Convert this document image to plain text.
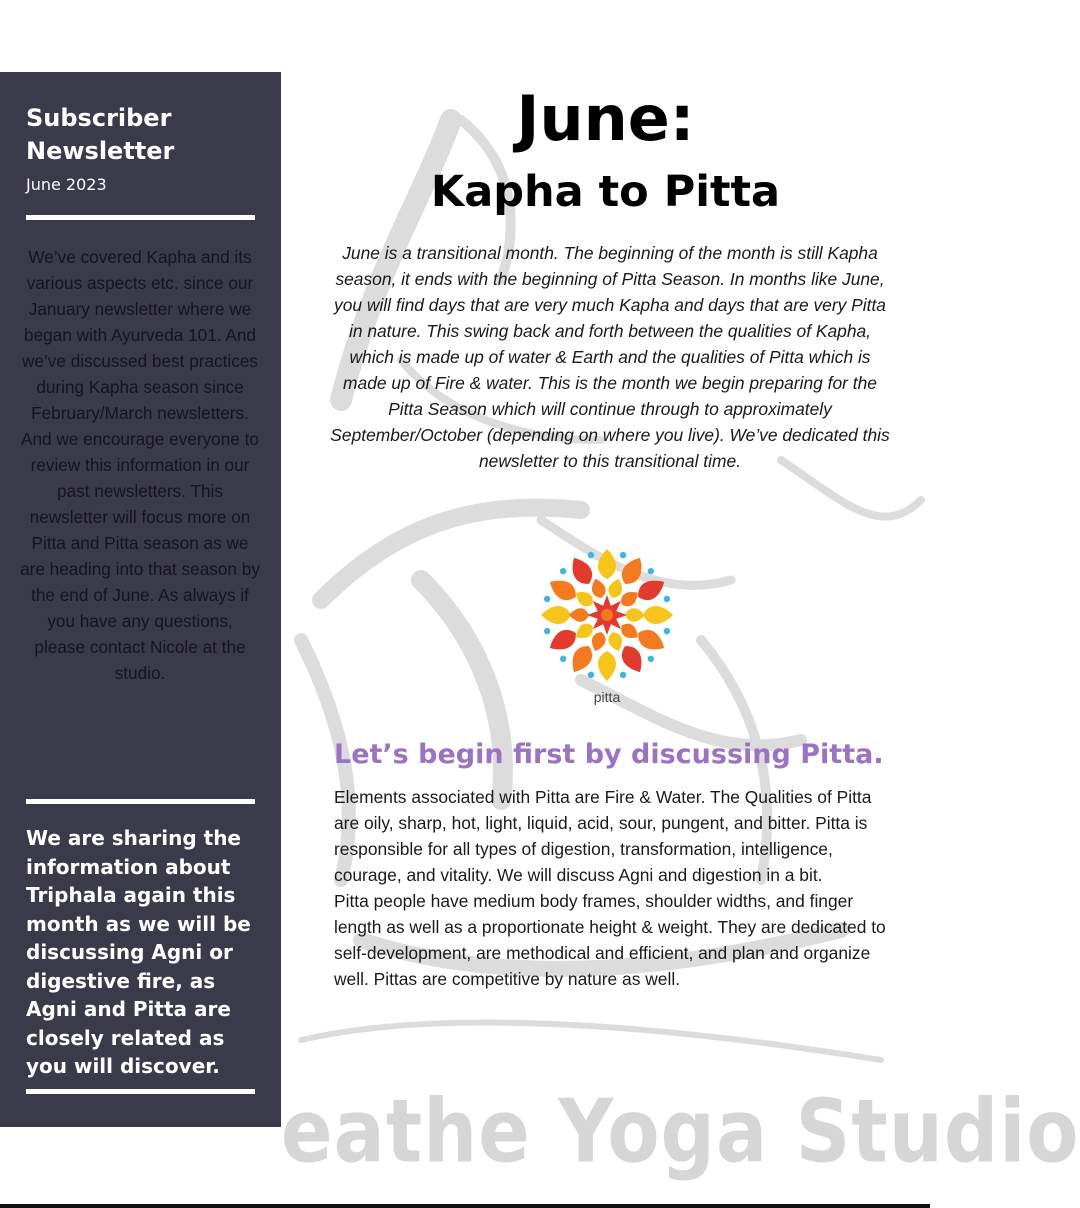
eathe Yoga Studio
Subscriber
Newsletter
June 2023

We’ve covered Kapha and its various aspects etc. since our January newsletter where we began with Ayurveda 101. And we’ve discussed best practices during Kapha season since February/March newsletters. And we encourage everyone to review this information in our past newsletters. This newsletter will focus more on Pitta and Pitta season as we are heading into that season by the end of June. As always if you have any questions, please contact Nicole at the studio.

We are sharing the information about Triphala again this month as we will be discussing Agni or digestive fire, as Agni and Pitta are closely related as you will discover.

June:
Kapha to Pitta

June is a transitional month. The beginning of the month is still Kapha season, it ends with the beginning of Pitta Season. In months like June, you will find days that are very much Kapha and days that are very Pitta in nature. This swing back and forth between the qualities of Kapha, which is made up of water & Earth and the qualities of Pitta which is made up of Fire & water. This is the month we begin preparing for the Pitta Season which will continue through to approximately September/October (depending on where you live). We’ve dedicated this newsletter to this transitional time.

pitta
Let’s begin first by discussing Pitta.
Elements associated with Pitta are Fire & Water. The Qualities of Pitta are oily, sharp, hot, light, liquid, acid, sour, pungent, and bitter. Pitta is responsible for all types of digestion, transformation, intelligence, courage, and vitality. We will discuss Agni and digestion in a bit.
Pitta people have medium body frames, shoulder widths, and finger length as well as a proportionate height & weight. They are dedicated to self-development, are methodical and efficient, and plan and organize well. Pittas are competitive by nature as well.
